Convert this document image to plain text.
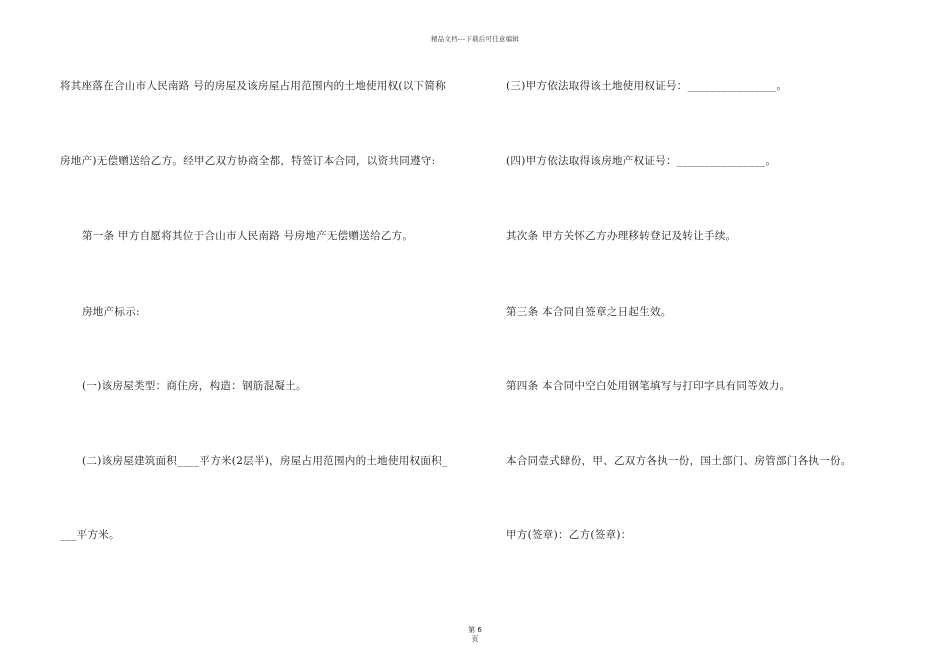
精品文档---下载后可任意编辑
将其座落在合山市人民南路 号的房屋及该房屋占用范围内的土地使用权(以下简称
房地产)无偿赠送给乙方。经甲乙双方协商全都，特签订本合同，以资共同遵守:
第一条 甲方自愿将其位于合山市人民南路 号房地产无偿赠送给乙方。
房地产标示:
(一)该房屋类型：商住房，构造：钢筋混凝土。
(二)该房屋建筑面积____平方米(2层半)，房屋占用范围内的土地使用权面积_
___平方米。
(三)甲方依法取得该土地使用权证号：________________。
(四)甲方依法取得该房地产权证号：________________。
其次条 甲方关怀乙方办理移转登记及转让手续。
第三条 本合同自签章之日起生效。
第四条 本合同中空白处用钢笔填写与打印字具有同等效力。
本合同壹式肆份，甲、乙双方各执一份，国土部门、房管部门各执一份。
甲方(签章)：乙方(签章)：
第 6
页
